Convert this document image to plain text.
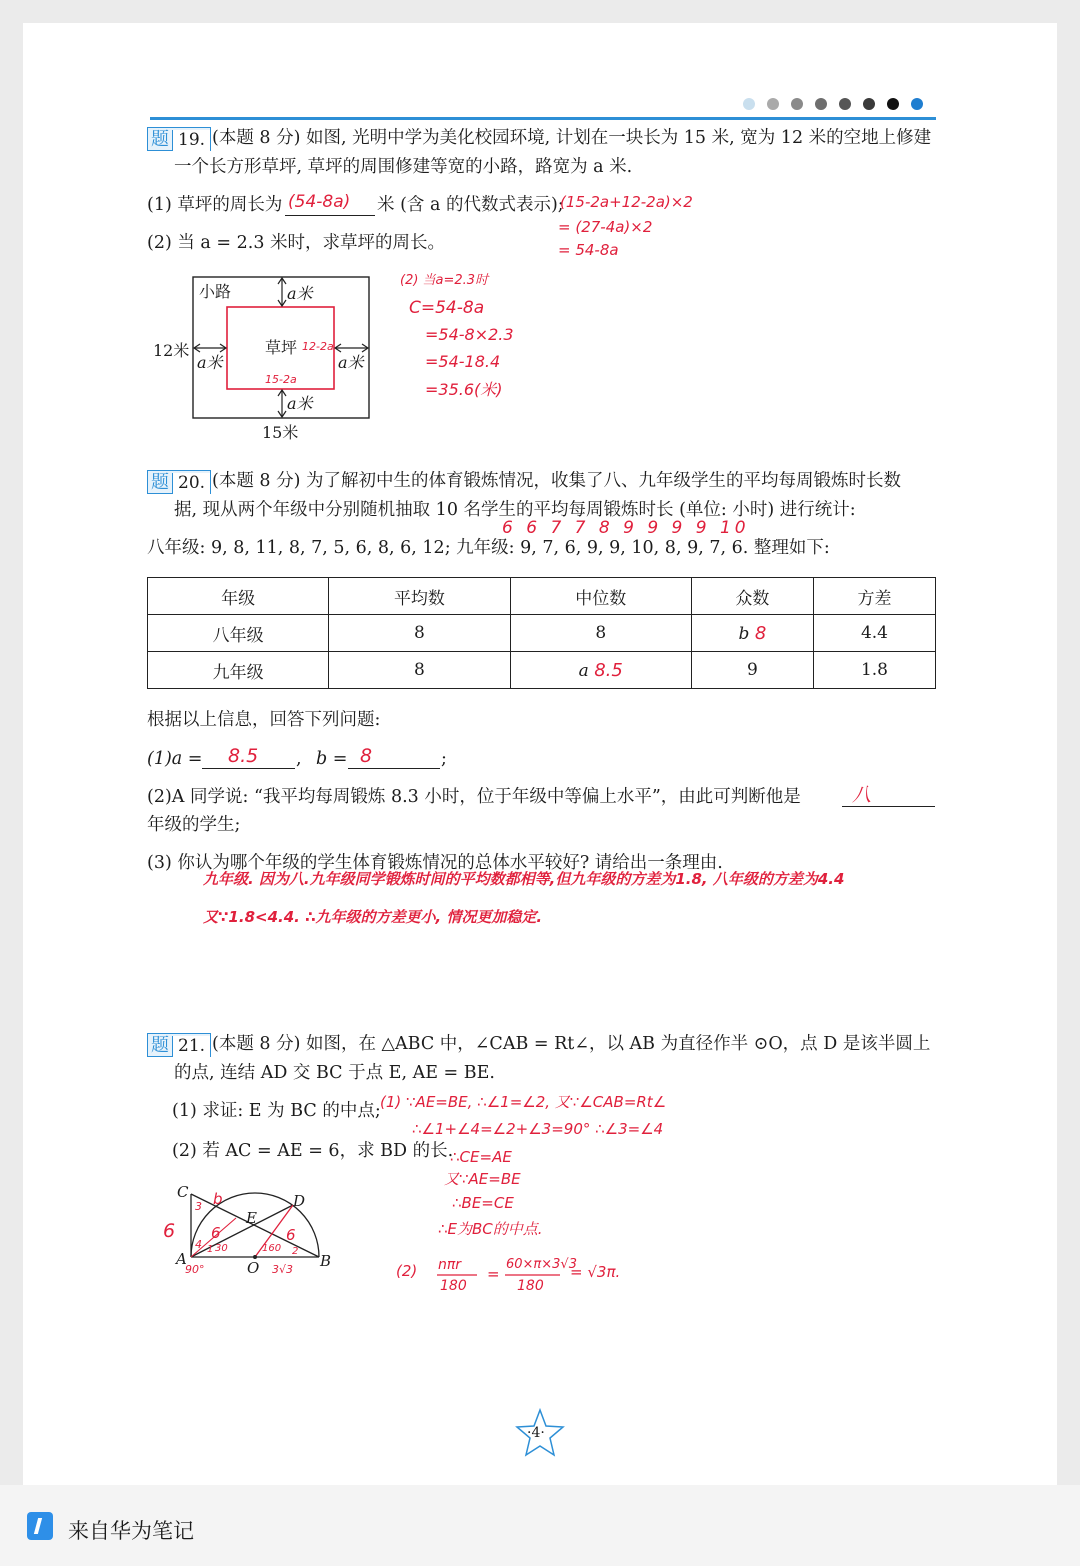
题 19. (本题 8 分) 如图, 光明中学为美化校园环境, 计划在一块长为 15 米, 宽为 12 米的空地上修建
一个长方形草坪, 草坪的周围修建等宽的小路，路宽为 a 米.
(1) 草坪的周长为 (54-8a) 米 (含 a 的代数式表示);
(15-2a+12-2a)×2
= (27-4a)×2
= 54-8a
(2) 当 a = 2.3 米时，求草坪的周长。
小路	a米
草坪 12-2a
15-2a
12米
a米	a米
a米
15米
(2) 当a=2.3时
C=54-8a
=54-8×2.3
=54-18.4
=35.6(米)
题 20. (本题 8 分) 为了解初中生的体育锻炼情况，收集了八、九年级学生的平均每周锻炼时长数
据, 现从两个年级中分别随机抽取 10 名学生的平均每周锻炼时长 (单位: 小时) 进行统计:
6 6 7 7 8 9 9 9 9 10
八年级: 9, 8, 11, 8, 7, 5, 6, 8, 6, 12; 九年级: 9, 7, 6, 9, 9, 10, 8, 9, 7, 6. 整理如下:
年级	平均数	中位数	众数	方差
八年级	8	8	b 8	4.4
九年级	8	a 8.5	9	1.8
根据以上信息，回答下列问题:
(1)a = 8.5 , b = 8	;
(2)A 同学说: “我平均每周锻炼 8.3 小时，位于年级中等偏上水平”，由此可判断他是	八
年级的学生;
(3) 你认为哪个年级的学生体育锻炼情况的总体水平较好? 请给出一条理由.
九年级. 因为八.九年级同学锻炼时间的平均数都相等,但九年级的方差为1.8, 八年级的方差为4.4
又∵1.8<4.4. ∴九年级的方差更小, 情况更加稳定.
题 21. (本题 8 分) 如图，在 △ABC 中，∠CAB = Rt∠，以 AB 为直径作半 ⊙O，点 D 是该半圆上
的点, 连结 AD 交 BC 于点 E, AE = BE.
(1) 求证: E 为 BC 的中点;
(2) 若 AC = AE = 6，求 BD 的长.
(1) ∵AE=BE, ∴∠1=∠2, 又∵∠CAB=Rt∠
∴∠1+∠4=∠2+∠3=90° ∴∠3=∠4
∴CE=AE
又∵AE=BE
∴BE=CE
∴E为BC的中点.
(2) nπr
180
=
60×π×3√3
180
= √3π.
C	D
E
A	O	B
6
b
3
4
6
1 30
90°
160 2
6
3√3
·4·
来自华为笔记
